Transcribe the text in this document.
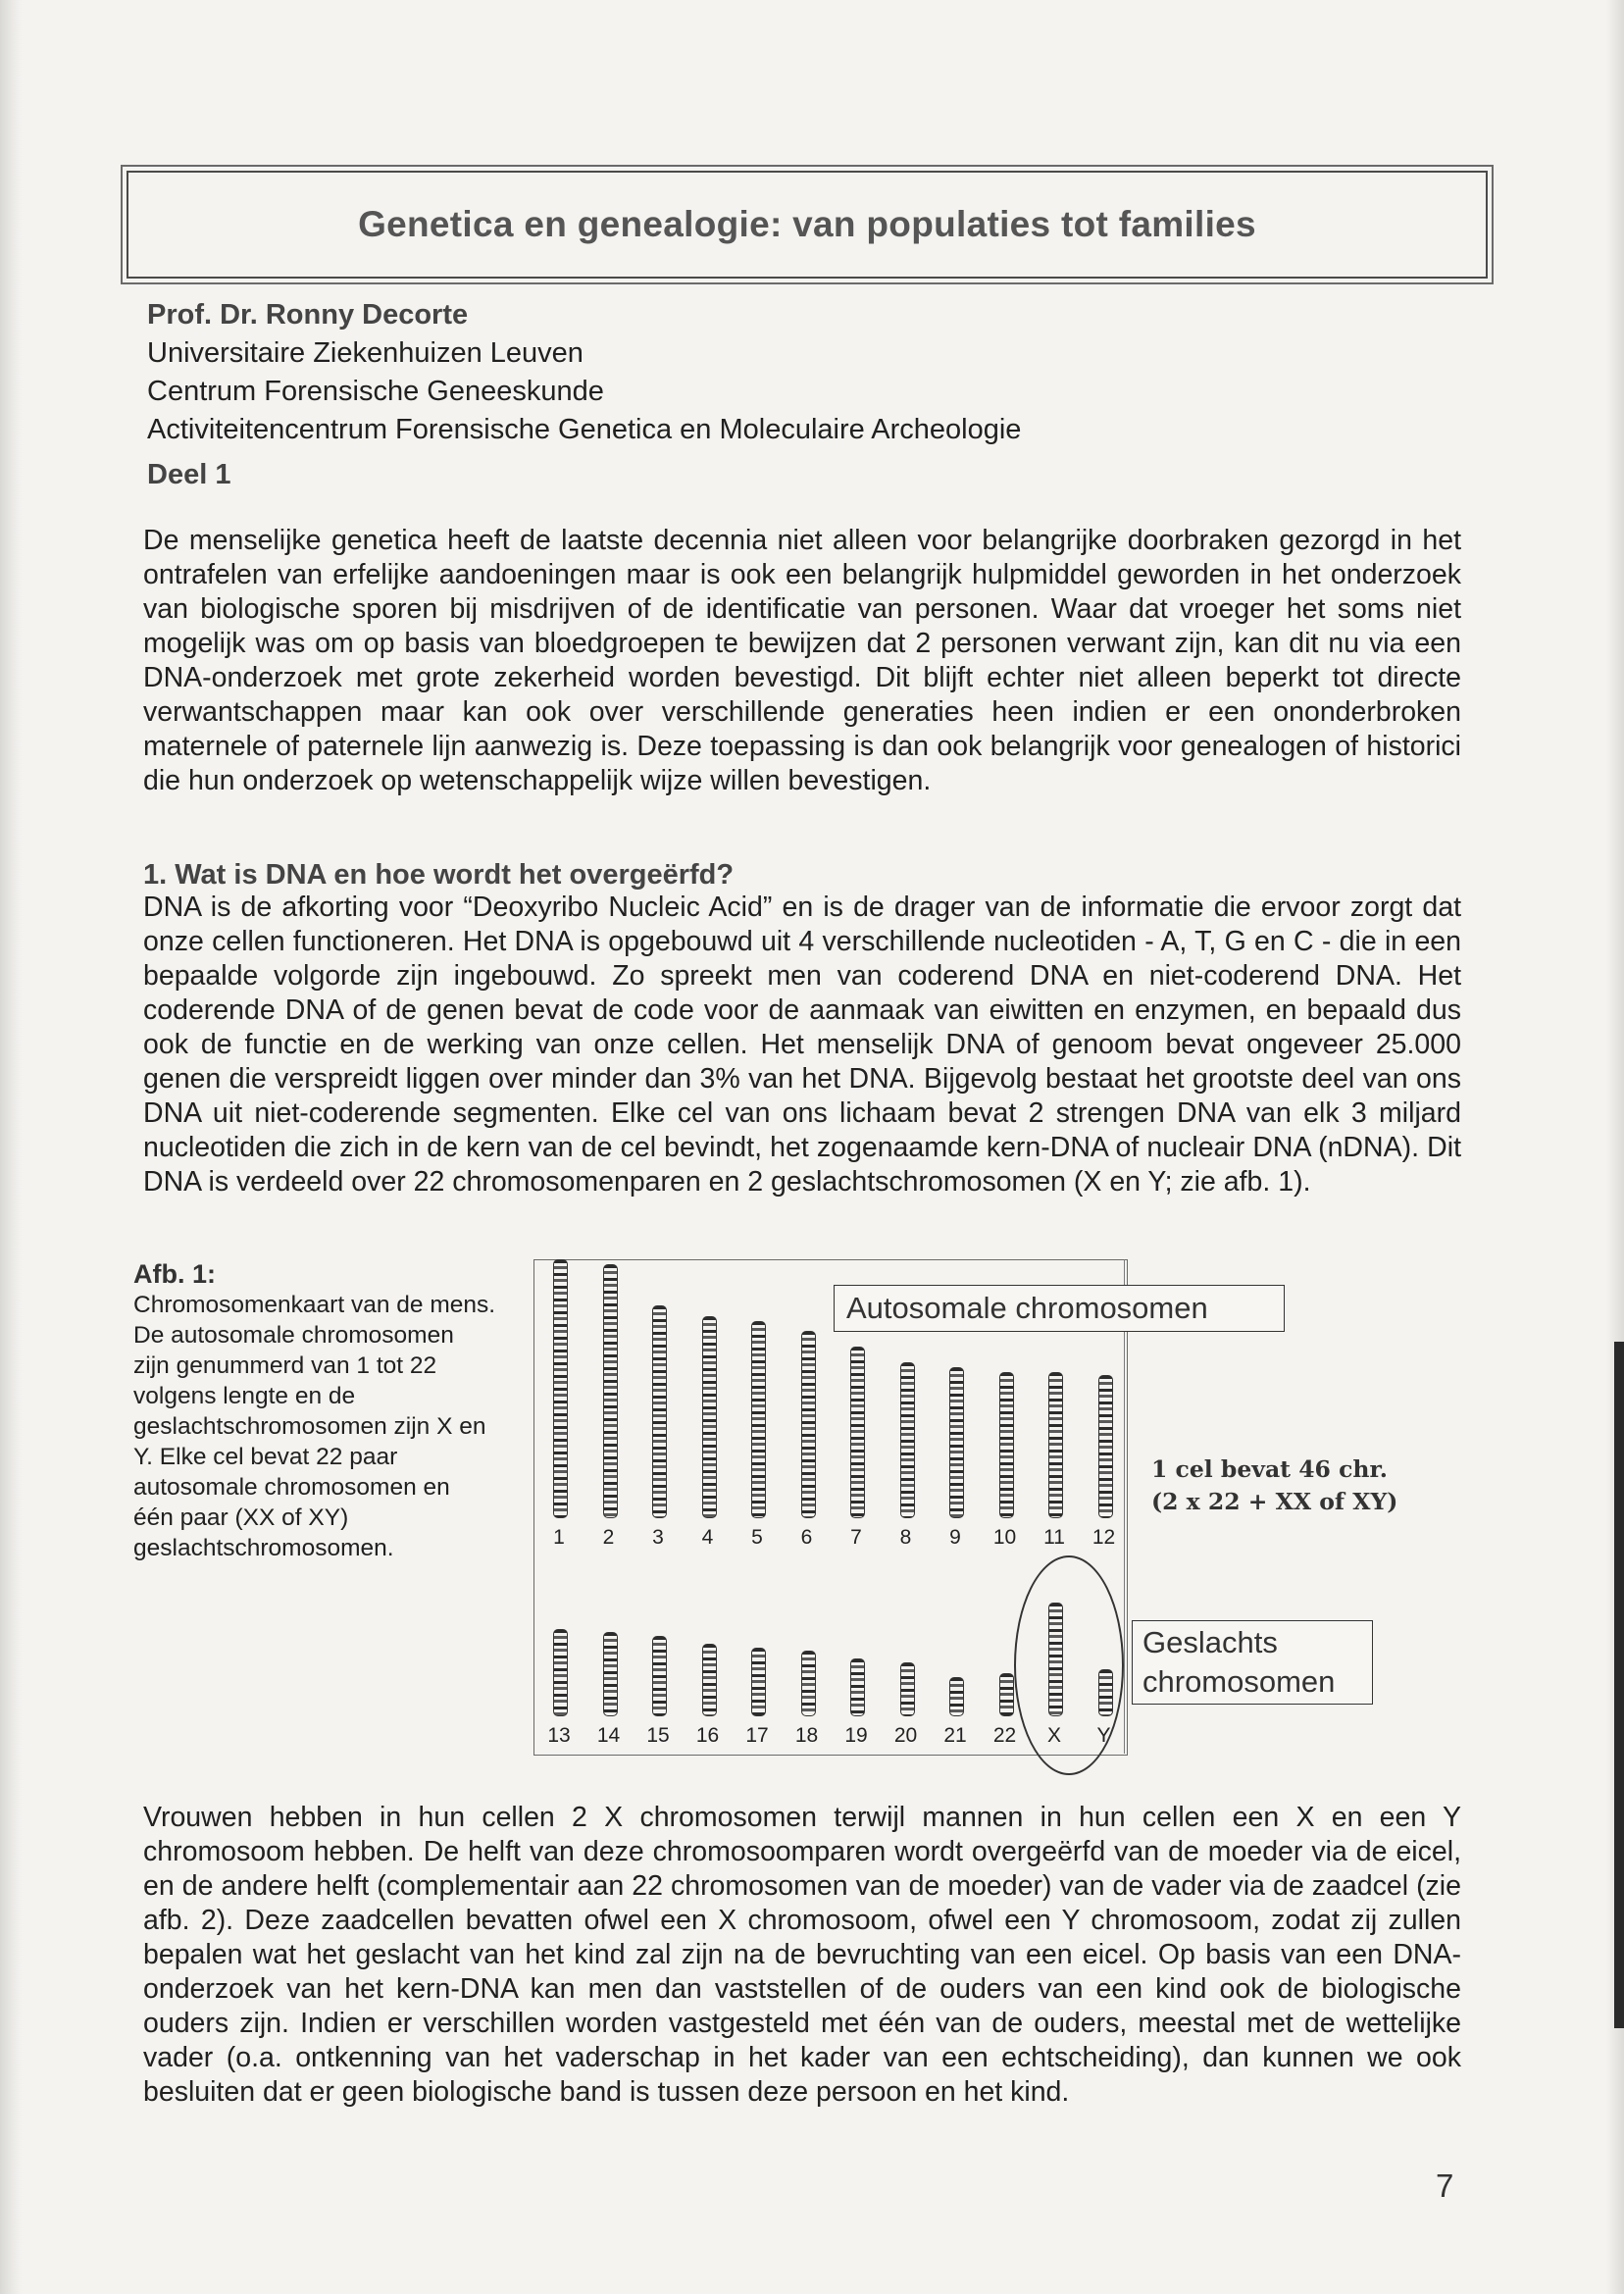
Genetica en genealogie: van populaties tot families
Prof. Dr. Ronny Decorte
Universitaire Ziekenhuizen Leuven
Centrum Forensische Geneeskunde
Activiteitencentrum Forensische Genetica en Moleculaire Archeologie
Deel 1

De menselijke genetica heeft de laatste decennia niet alleen voor belangrijke doorbraken gezorgd in het ontrafelen van erfelijke aandoeningen maar is ook een belangrijk hulpmiddel geworden in het onderzoek van biologische sporen bij misdrijven of de identificatie van personen. Waar dat vroeger het soms niet mogelijk was om op basis van bloedgroepen te bewijzen dat 2 personen verwant zijn, kan dit nu via een DNA-onderzoek met grote zekerheid worden bevestigd. Dit blijft echter niet alleen beperkt tot directe verwantschappen maar kan ook over verschillende generaties heen indien er een ononderbroken maternele of paternele lijn aanwezig is. Deze toepassing is dan ook belangrijk voor genealogen of historici die hun onderzoek op wetenschappelijk wijze willen bevestigen.

1. Wat is DNA en hoe wordt het overgeërfd?

DNA is de afkorting voor “Deoxyribo Nucleic Acid” en is de drager van de informatie die ervoor zorgt dat onze cellen functioneren. Het DNA is opgebouwd uit 4 verschillende nucleotiden - A, T, G en C - die in een bepaalde volgorde zijn ingebouwd. Zo spreekt men van coderend DNA en niet-coderend DNA. Het coderende DNA of de genen bevat de code voor de aanmaak van eiwitten en enzymen, en bepaald dus ook de functie en de werking van onze cellen. Het menselijk DNA of genoom bevat ongeveer 25.000 genen die verspreidt liggen over minder dan 3% van het DNA. Bijgevolg bestaat het grootste deel van ons DNA uit niet-coderende segmenten. Elke cel van ons lichaam bevat 2 strengen DNA van elk 3 miljard nucleotiden die zich in de kern van de cel bevindt, het zogenaamde kern-DNA of nucleair DNA (nDNA). Dit DNA is verdeeld over 22 chromosomenparen en 2 geslachtschromosomen (X en Y; zie afb. 1).

Afb. 1:
Chromosomenkaart van de mens. De autosomale chromosomen zijn genummerd van 1 tot 22 volgens lengte en de geslachtschromosomen zijn X en Y. Elke cel bevat 22 paar autosomale chromosomen en één paar (XX of XY) geslachtschromosomen.	1	2	3	4	5	6	7	8	9	10	11	12
13	14	15	16	17	18	19	20	21	22	X	Y
Autosomale chromosomen
Geslachts
chromosomen
1 cel bevat 46 chr.
(2 x 22 + XX of XY)

Vrouwen hebben in hun cellen 2 X chromosomen terwijl mannen in hun cellen een X en een Y chromosoom hebben. De helft van deze chromosoomparen wordt overgeërfd van de moeder via de eicel, en de andere helft (complementair aan 22 chromosomen van de moeder) van de vader via de zaadcel (zie afb. 2). Deze zaadcellen bevatten ofwel een X chromosoom, ofwel een Y chromosoom, zodat zij zullen bepalen wat het geslacht van het kind zal zijn na de bevruchting van een eicel. Op basis van een DNA-onderzoek van het kern-DNA kan men dan vaststellen of de ouders van een kind ook de biologische ouders zijn. Indien er verschillen worden vastgesteld met één van de ouders, meestal met de wettelijke vader (o.a. ontkenning van het vaderschap in het kader van een echtscheiding), dan kunnen we ook besluiten dat er geen biologische band is tussen deze persoon en het kind.

7
